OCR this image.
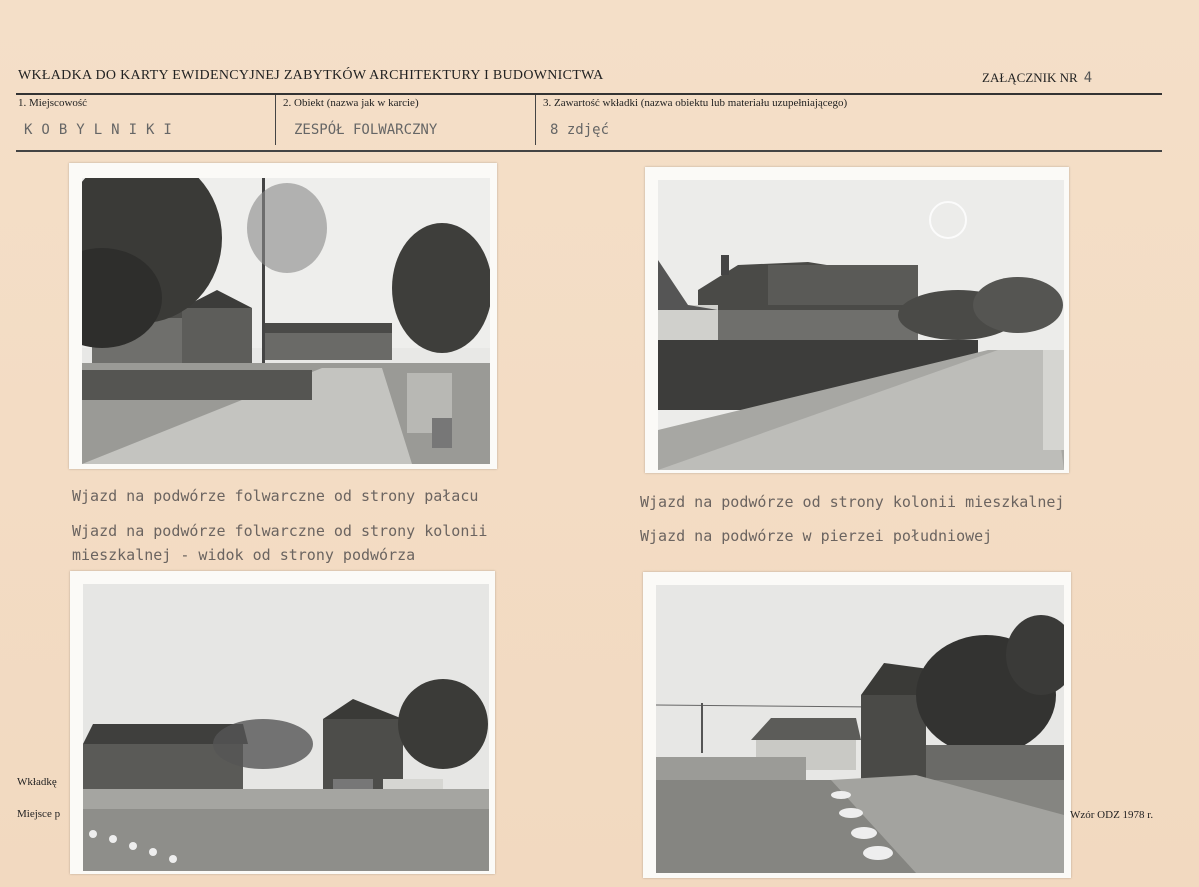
WKŁADKA DO KARTY EWIDENCYJNEJ ZABYTKÓW ARCHITEKTURY I BUDOWNICTWA	ZAŁĄCZNIK NR 4
1. Miejscowość
KOBYLNIKI
2. Obiekt (nazwa jak w karcie)
ZESPÓŁ FOLWARCZNY
3. Zawartość wkładki (nazwa obiektu lub materiału uzupełniającego)
8 zdjęć
Wjazd na podwórze folwarczne od strony pałacu
Wjazd na podwórze folwarczne od strony kolonii
mieszkalnej - widok od strony podwórza
Wjazd na podwórze od strony kolonii mieszkalnej
Wjazd na podwórze w pierzei południowej
Wkładkę
Miejsce p	Wzór ODZ 1978 r.
